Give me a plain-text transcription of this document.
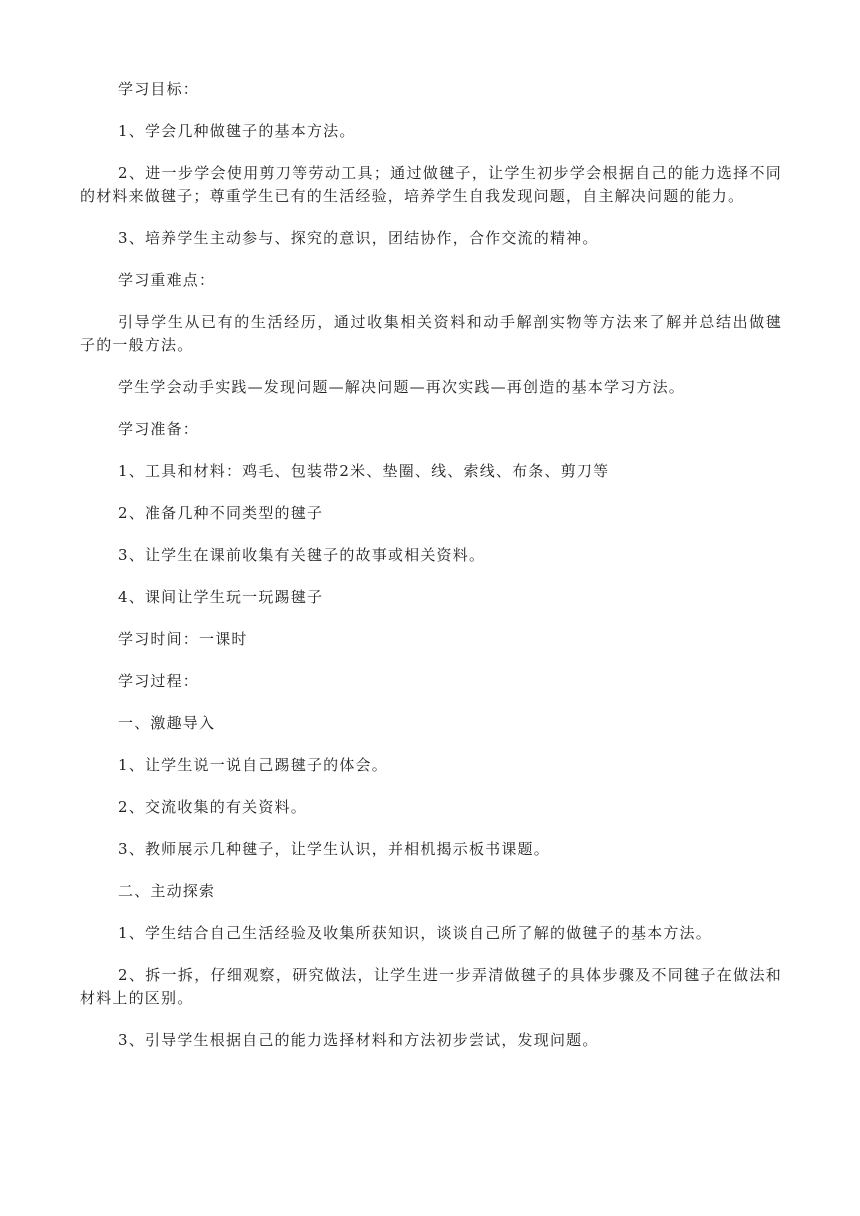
学习目标：

1、学会几种做毽子的基本方法。

2、进一步学会使用剪刀等劳动工具；通过做毽子，让学生初步学会根据自己的能力选择不同的材料来做毽子；尊重学生已有的生活经验，培养学生自我发现问题，自主解决问题的能力。

3、培养学生主动参与、探究的意识，团结协作，合作交流的精神。

学习重难点：

引导学生从已有的生活经历，通过收集相关资料和动手解剖实物等方法来了解并总结出做毽子的一般方法。

学生学会动手实践—发现问题—解决问题—再次实践—再创造的基本学习方法。

学习准备：

1、工具和材料：鸡毛、包装带2米、垫圈、线、索线、布条、剪刀等

2、准备几种不同类型的毽子

3、让学生在课前收集有关毽子的故事或相关资料。

4、课间让学生玩一玩踢毽子

学习时间：一课时

学习过程：

一、激趣导入

1、让学生说一说自己踢毽子的体会。

2、交流收集的有关资料。

3、教师展示几种毽子，让学生认识，并相机揭示板书课题。

二、主动探索

1、学生结合自己生活经验及收集所获知识，谈谈自己所了解的做毽子的基本方法。

2、拆一拆，仔细观察，研究做法，让学生进一步弄清做毽子的具体步骤及不同毽子在做法和材料上的区别。

3、引导学生根据自己的能力选择材料和方法初步尝试，发现问题。
